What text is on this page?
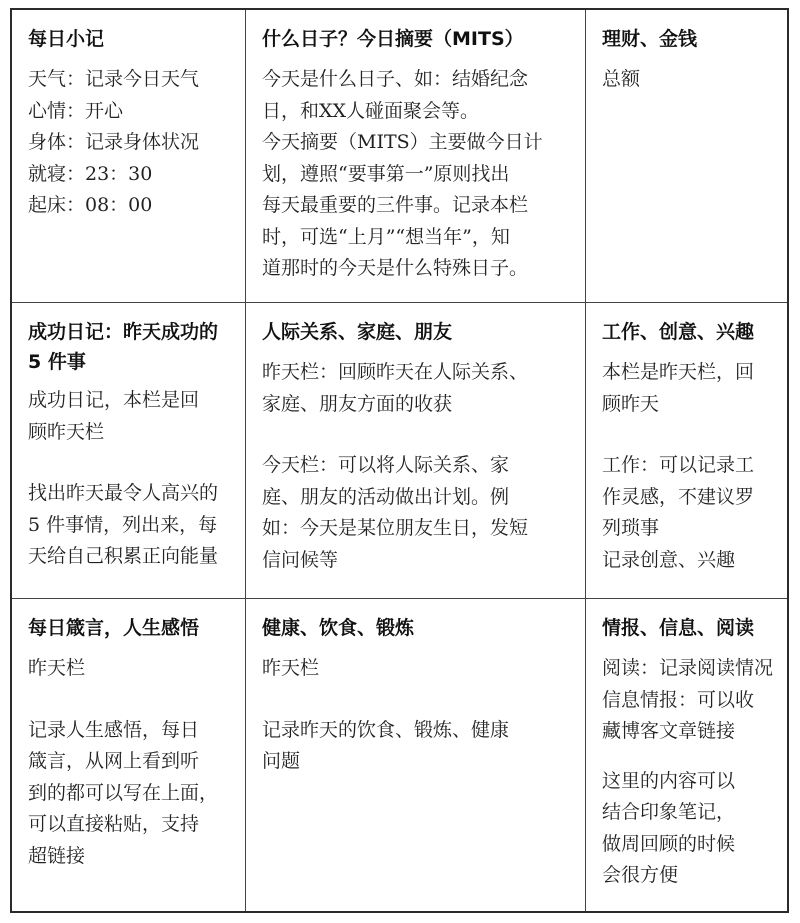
每日小记
天气：记录今日天气
心情：开心
身体：记录身体状况
就寝：23：30
起床：08：00
什么日子？今日摘要（MITS）
今天是什么日子、如：结婚纪念
日，和XX人碰面聚会等。
今天摘要（MITS）主要做今日计
划，遵照“要事第一”原则找出
每天最重要的三件事。记录本栏
时，可选“上月”“想当年”，知
道那时的今天是什么特殊日子。
理财、金钱
总额
成功日记：昨天成功的
5 件事
成功日记，本栏是回
顾昨天栏
找出昨天最令人高兴的
5 件事情，列出来，每
天给自己积累正向能量
人际关系、家庭、朋友
昨天栏：回顾昨天在人际关系、
家庭、朋友方面的收获
今天栏：可以将人际关系、家
庭、朋友的活动做出计划。例
如：今天是某位朋友生日，发短
信问候等
工作、创意、兴趣
本栏是昨天栏，回
顾昨天
工作：可以记录工
作灵感，不建议罗
列琐事
记录创意、兴趣
每日箴言，人生感悟
昨天栏
记录人生感悟，每日
箴言，从网上看到听
到的都可以写在上面，
可以直接粘贴，支持
超链接
健康、饮食、锻炼
昨天栏
记录昨天的饮食、锻炼、健康
问题
情报、信息、阅读
阅读：记录阅读情况
信息情报：可以收
藏博客文章链接
这里的内容可以
结合印象笔记，
做周回顾的时候
会很方便
